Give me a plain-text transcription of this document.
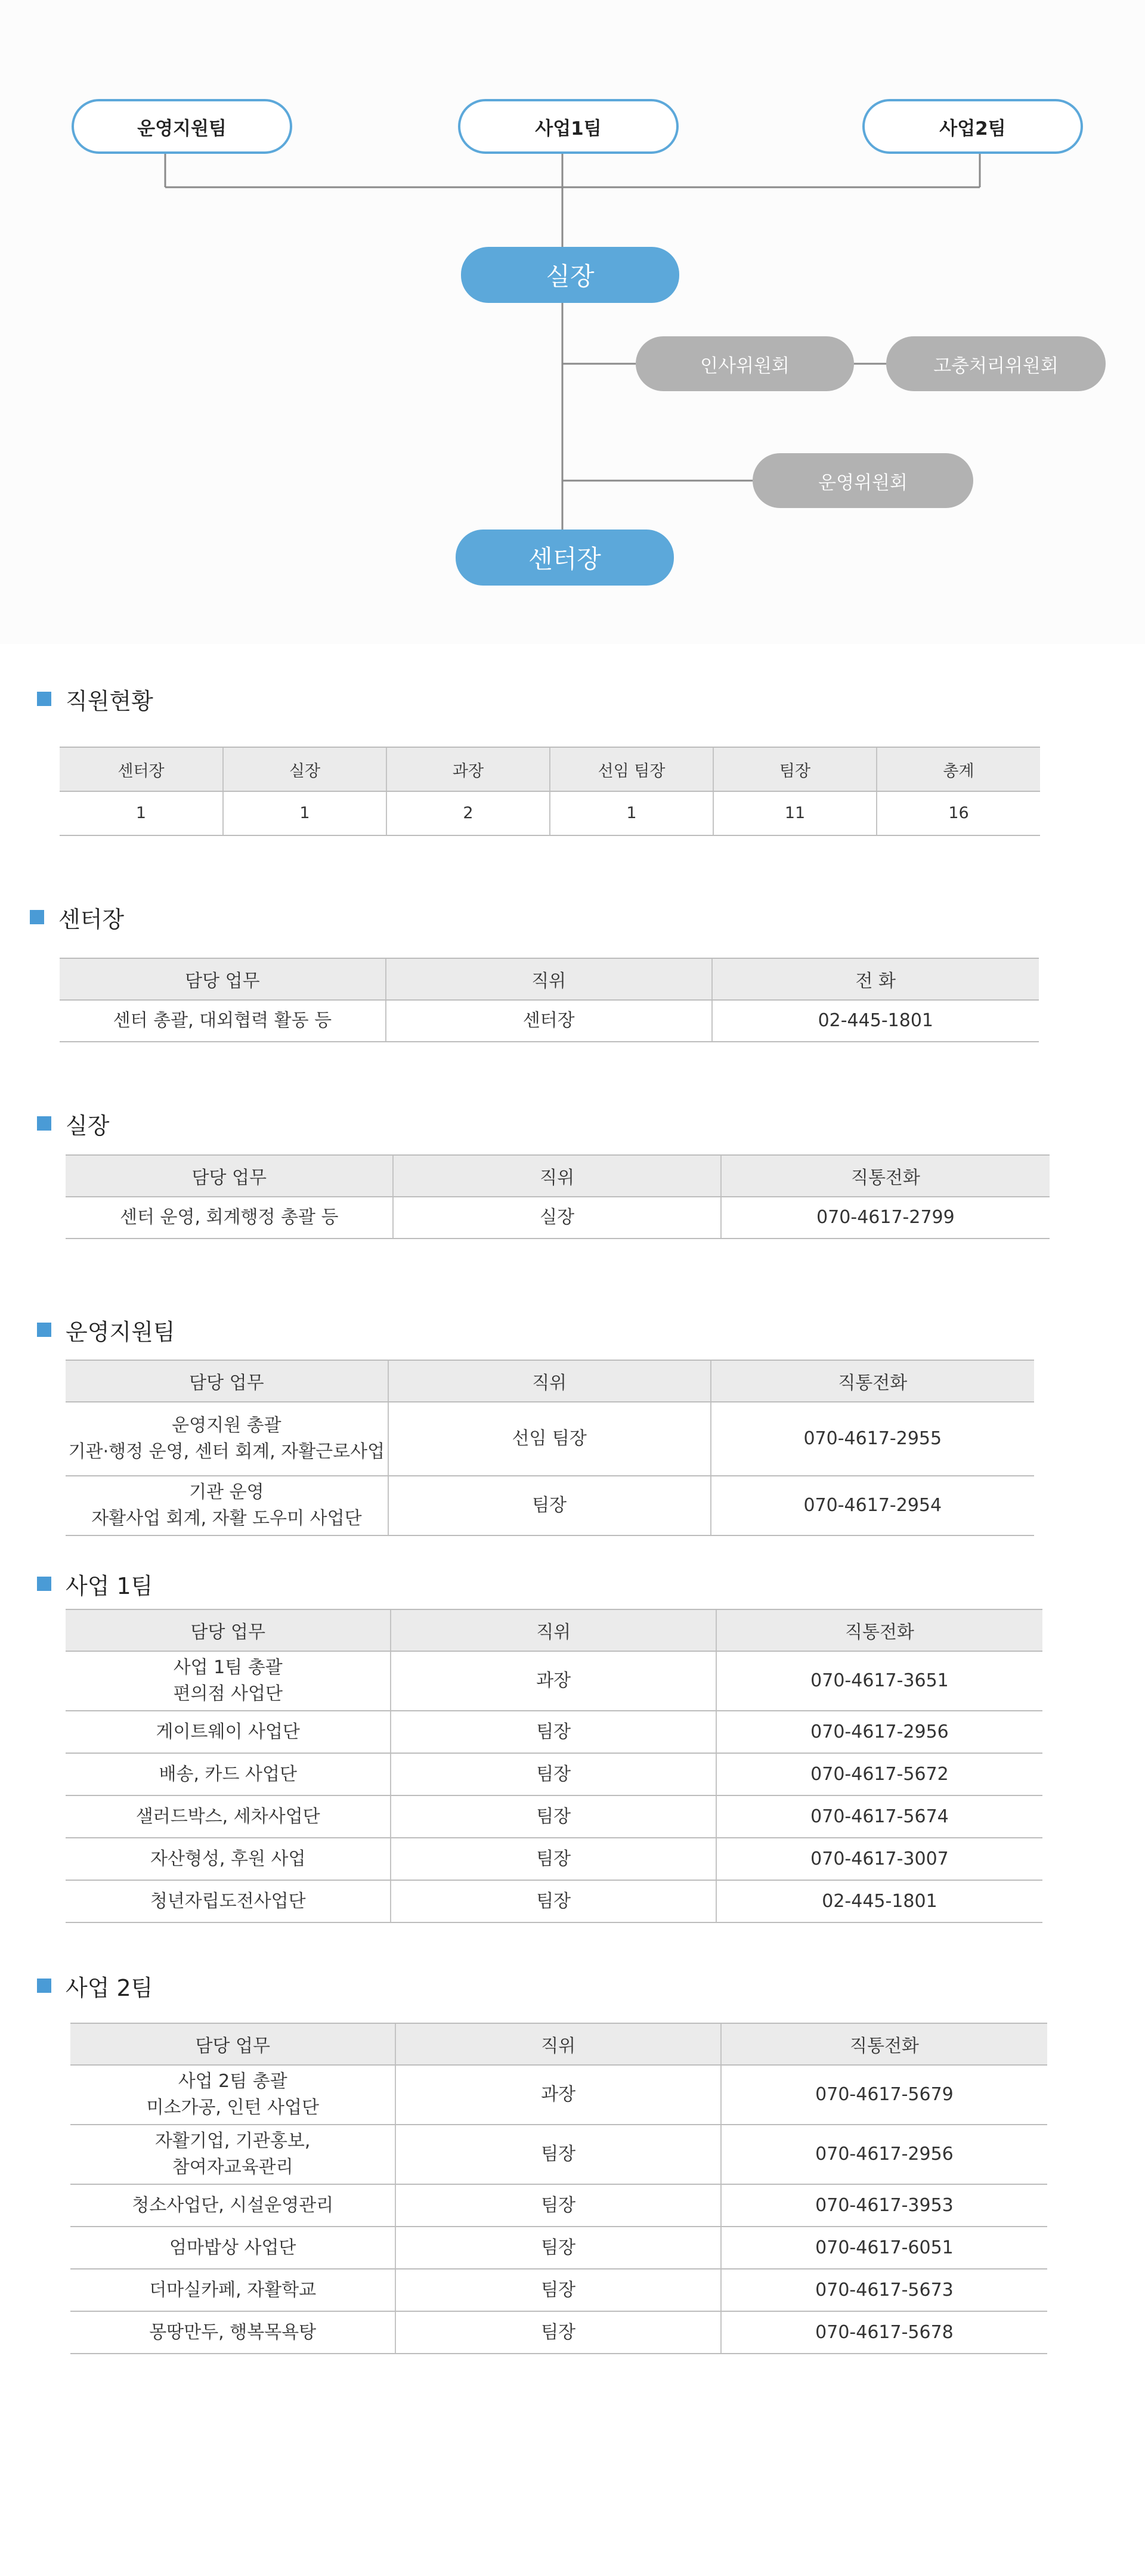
운영지원팀	사업1팀	사업2팀
실장
인사위원회	고충처리위원회
운영위원회
센터장
직원현황
센터장	실장	과장	선임 팀장	팀장	총계
1	1	2	1	11	16
센터장
담당 업무	직위	전 화

센터 총괄, 대외협력 활동 등	센터장	02-445-1801
실장
담당 업무	직위	직통전화

센터 운영, 회계행정 총괄 등	실장	070-4617-2799
운영지원팀
담당 업무	직위	직통전화

운영지원 총괄
기관·행정 운영, 센터 회계, 자활근로사업	선임 팀장	070-4617-2955

기관 운영
자활사업 회계, 자활 도우미 사업단	팀장	070-4617-2954
사업 1팀
담당 업무	직위	직통전화

사업 1팀 총괄
편의점 사업단	과장	070-4617-3651

게이트웨이 사업단	팀장	070-4617-2956

배송, 카드 사업단	팀장	070-4617-5672

샐러드박스, 세차사업단	팀장	070-4617-5674

자산형성, 후원 사업	팀장	070-4617-3007

청년자립도전사업단	팀장	02-445-1801
사업 2팀
담당 업무	직위	직통전화

사업 2팀 총괄
미소가공, 인턴 사업단	과장	070-4617-5679

자활기업, 기관홍보,
참여자교육관리	팀장	070-4617-2956

청소사업단, 시설운영관리	팀장	070-4617-3953

엄마밥상 사업단	팀장	070-4617-6051

더마실카페, 자활학교	팀장	070-4617-5673

몽땅만두, 행복목욕탕	팀장	070-4617-5678
